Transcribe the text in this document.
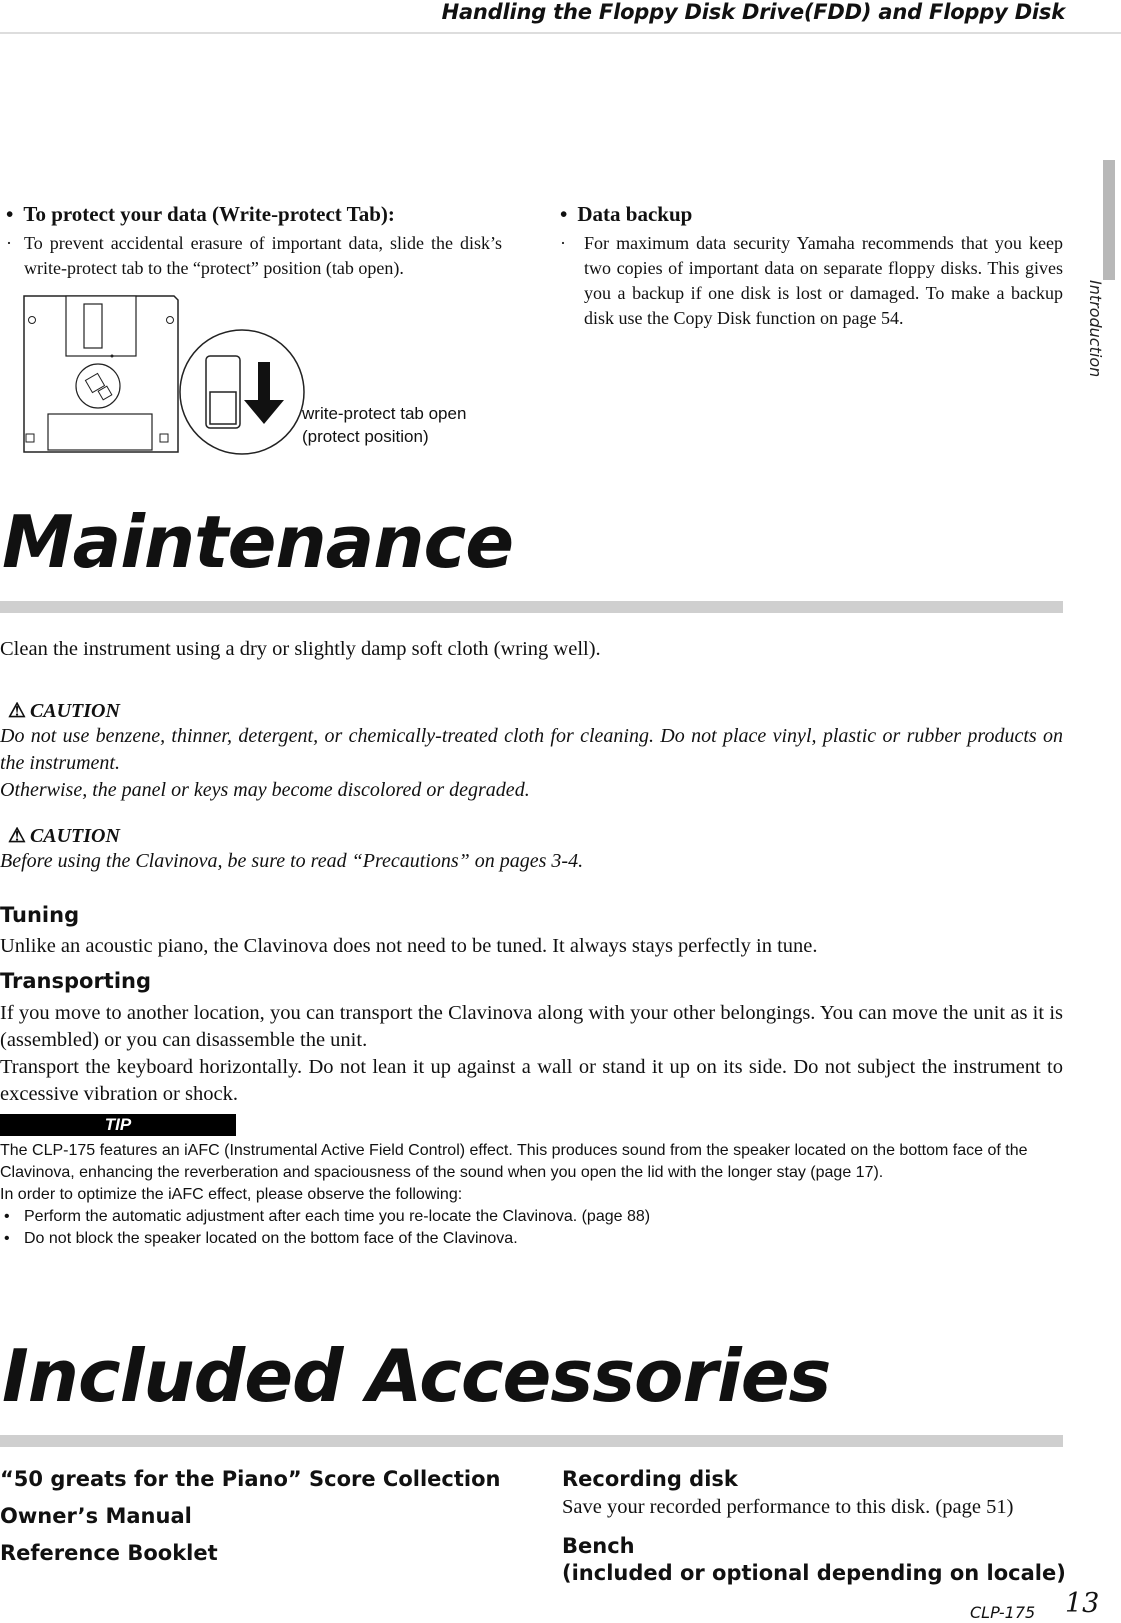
Handling the Floppy Disk Drive(FDD) and Floppy Disk
Introduction
• To protect your data (Write-protect Tab):
· To prevent accidental erasure of important data, slide the disk’s write-protect tab to the “protect” position (tab open).
write-protect tab open
(protect position)
• Data backup
· For maximum data security Yamaha recommends that you keep two copies of important data on separate floppy disks. This gives you a backup if one disk is lost or damaged. To make a backup disk use the Copy Disk function on page 54.
Maintenance
Clean the instrument using a dry or slightly damp soft cloth (wring well).
⚠ CAUTION
Do not use benzene, thinner, detergent, or chemically-treated cloth for cleaning. Do not place vinyl, plastic or rubber products on the instrument.
Otherwise, the panel or keys may become discolored or degraded.
⚠ CAUTION
Before using the Clavinova, be sure to read “Precautions” on pages 3-4.
Tuning
Unlike an acoustic piano, the Clavinova does not need to be tuned. It always stays perfectly in tune.
Transporting
If you move to another location, you can transport the Clavinova along with your other belongings. You can move the unit as it is (assembled) or you can disassemble the unit.
Transport the keyboard horizontally. Do not lean it up against a wall or stand it up on its side. Do not subject the instrument to excessive vibration or shock.
TIP
The CLP-175 features an iAFC (Instrumental Active Field Control) effect. This produces sound from the speaker located on the bottom face of the Clavinova, enhancing the reverberation and spaciousness of the sound when you open the lid with the longer stay (page 17).
In order to optimize the iAFC effect, please observe the following:
• Perform the automatic adjustment after each time you re-locate the Clavinova. (page 88)
• Do not block the speaker located on the bottom face of the Clavinova.
Included Accessories
“50 greats for the Piano” Score Collection
Owner’s Manual
Reference Booklet
Recording disk
Save your recorded performance to this disk. (page 51)
Bench
(included or optional depending on locale)
CLP-175 13
